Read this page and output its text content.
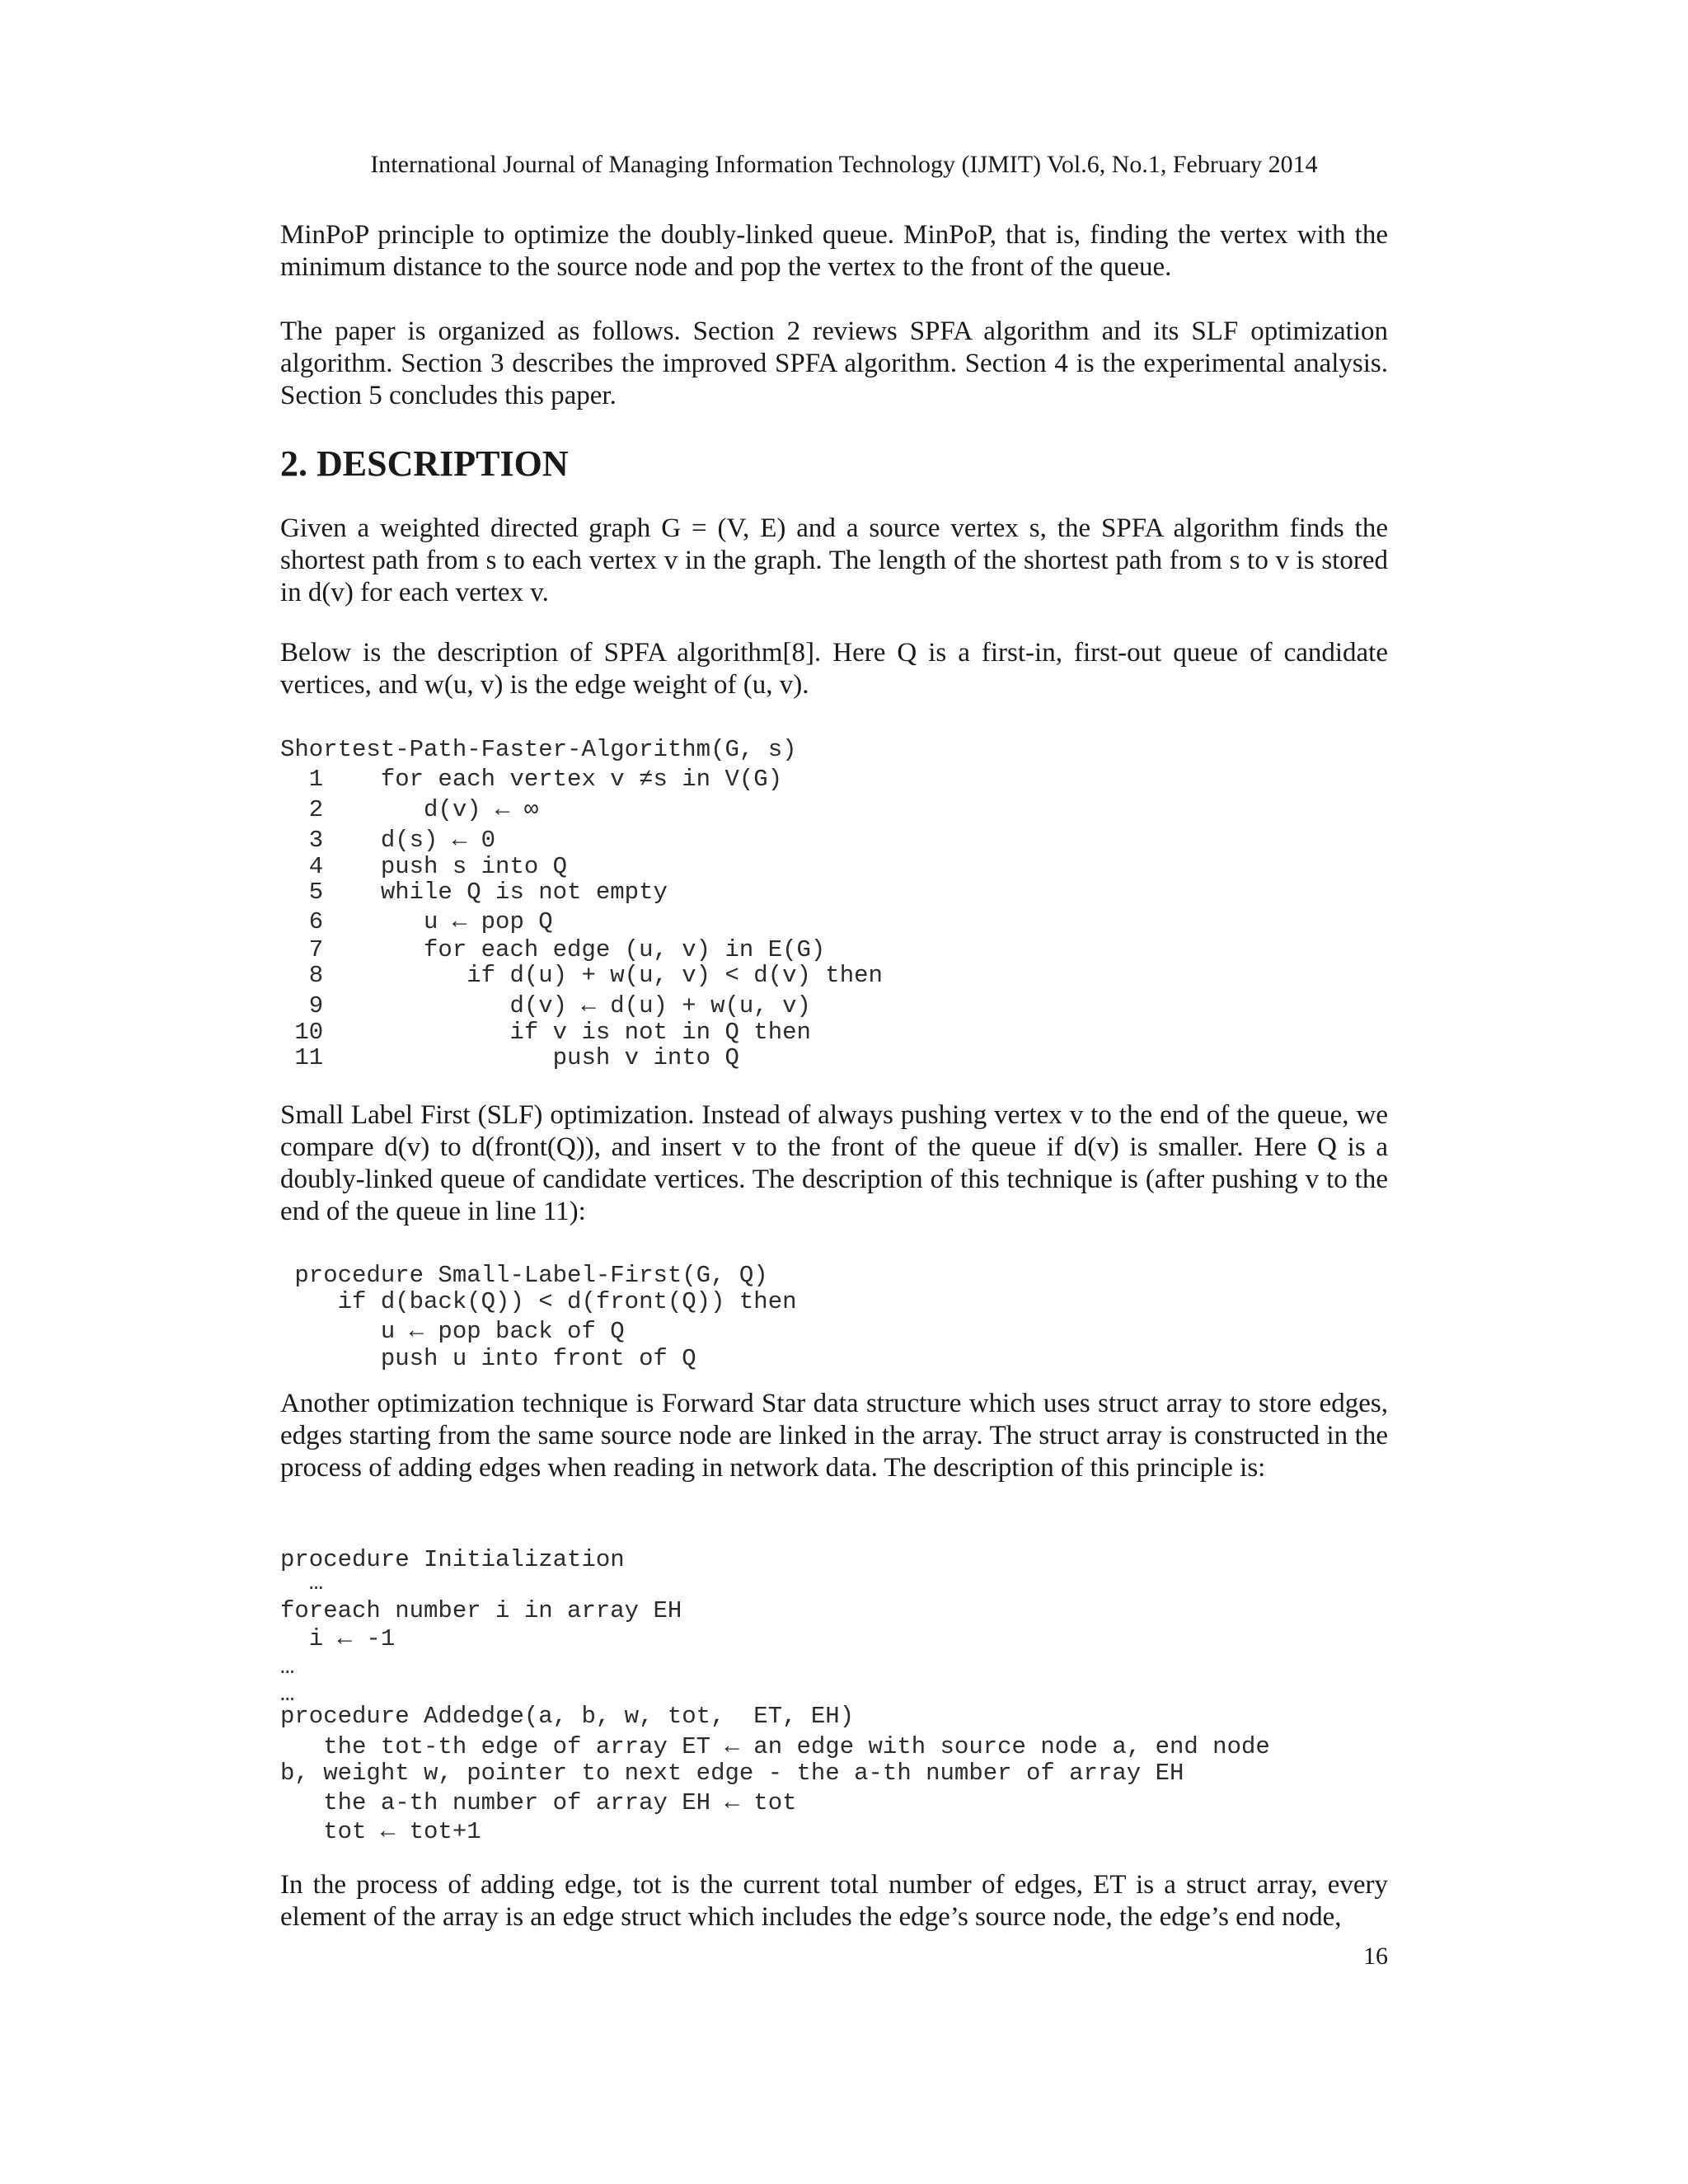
International Journal of Managing Information Technology (IJMIT) Vol.6, No.1, February 2014

MinPoP principle to optimize the doubly-linked queue. MinPoP, that is, finding the vertex with the minimum distance to the source node and pop the vertex to the front of the queue.

The paper is organized as follows. Section 2 reviews SPFA algorithm and its SLF optimization algorithm. Section 3 describes the improved SPFA algorithm. Section 4 is the experimental analysis. Section 5 concludes this paper.

2. DESCRIPTION

Given a weighted directed graph G = (V, E) and a source vertex s, the SPFA algorithm finds the shortest path from s to each vertex v in the graph. The length of the shortest path from s to v is stored in d(v) for each vertex v.

Below is the description of SPFA algorithm[8]. Here Q is a first-in, first-out queue of candidate vertices, and w(u, v) is the edge weight of (u, v).

Shortest-Path-Faster-Algorithm(G, s)
1    for each vertex v ≠s in V(G)
2       d(v) ← ∞
3    d(s) ← 0
4    push s into Q
5    while Q is not empty
6       u ← pop Q
7       for each edge (u, v) in E(G)
8          if d(u) + w(u, v) < d(v) then
9             d(v) ← d(u) + w(u, v)
10             if v is not in Q then
11                push v into Q

Small Label First (SLF) optimization. Instead of always pushing vertex v to the end of the queue, we compare d(v) to d(front(Q)), and insert v to the front of the queue if d(v) is smaller. Here Q is a doubly-linked queue of candidate vertices. The description of this technique is (after pushing v to the end of the queue in line 11):

procedure Small-Label-First(G, Q)
if d(back(Q)) < d(front(Q)) then
u ← pop back of Q
push u into front of Q

Another optimization technique is Forward Star data structure which uses struct array to store edges, edges starting from the same source node are linked in the array. The struct array is constructed in the process of adding edges when reading in network data. The description of this principle is:

procedure Initialization
…
foreach number i in array EH
i ← -1
…
…
procedure Addedge(a, b, w, tot,  ET, EH)
the tot-th edge of array ET ← an edge with source node a, end node
b, weight w, pointer to next edge - the a-th number of array EH
the a-th number of array EH ← tot
tot ← tot+1

In the process of adding edge, tot is the current total number of edges, ET is a struct array, every element of the array is an edge struct which includes the edge’s source node, the edge’s end node,

16
